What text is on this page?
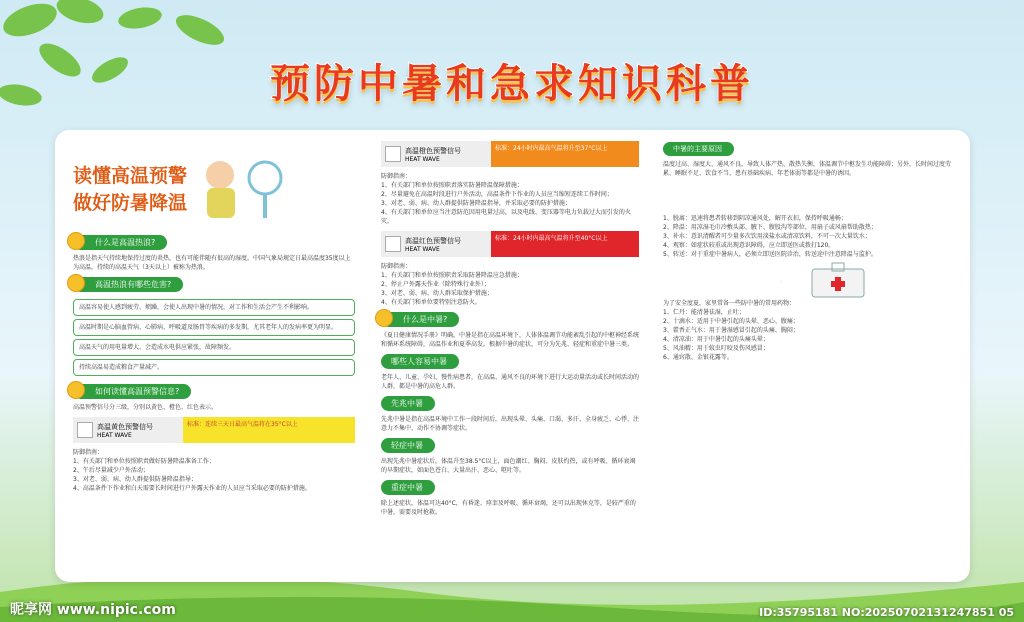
预防中暑和急求知识科普
读懂高温预警
做好防暑降温
什么是高温热浪?
热浪是指天气持续地保持过度的炎热，也有可能伴随有很高的湿度。中国气象局规定日最高温度35度以上为高温，持续的高温天气（3天以上）被称为热浪。
高温热浪有哪些危害?
高温容易使人感到疲劳、烦躁，会使人出现中暑的情况，对工作和生活会产生不利影响。
高温时期是心脑血管病、心肺病、呼吸道及肠胃等疾病的多发期，尤其老年人的发病率更为明显。
高温天气的用电量增大。会造成水电供应紧张，故障频发。
持续高温易造成粮食产量减产。
如何读懂高温预警信息?
高温预警信号分三级，分别以黄色、橙色、红色表示。
高温黄色预警信号
HEAT WAVE
标准：连续三天日最高气温将在35°C以上
防御指南：
1、有关部门和单位按照职责做好防暑降温准备工作；
2、午后尽量减少户外活动；
3、对老、弱、病、幼人群提供防暑降温指导；
4、高温条件下作业和白天需要长时间进行户外露天作业的人员应当采取必要的防护措施。
高温橙色预警信号
HEAT WAVE
标准：24小时内最高气温将升至37°C以上
防御指南：
1、有关部门和单位按照职责落实防暑降温保障措施；
2、尽量避免在高温时段进行户外活动，高温条件下作业的人员应当缩短连续工作时间；
3、对老、弱、病、幼人群提供防暑降温指导，并采取必要的防护措施；
4、有关部门和单位应当注意防范因用电量过高，以及电线、变压器等电力负载过大而引发的火灾。
高温红色预警信号
HEAT WAVE
标准：24小时内最高气温将升至40°C以上
防御指南：
1、有关部门和单位按照职责采取防暑降温应急措施；
2、停止户外露天作业（除特殊行业外）；
3、对老、弱、病、幼人群采取保护措施；
4、有关部门和单位要特别注意防火。
什么是中暑?
《夏日健康情况手册》明确，中暑是指在高温环境下，人体体温调节功能紊乱引起的中枢神经系统和循环系统障碍，高温作业和夏季高发。根据中暑的症状，可分为先兆、轻症和重症中暑三类。
哪些人容易中暑
老年人、儿童、孕妇、慢性病患者，在高温、通风不良的环境下进行大运动量活动或长时间活动的人群，都是中暑的高危人群。
先兆中暑
先兆中暑是指在高温环境中工作一段时间后，出现头晕、头痛、口渴、多汗、全身疲乏、心悸、注意力不集中、动作不协调等症状。
轻症中暑
出现先兆中暑症状后，体温升至38.5°C以上，面色潮红、胸闷、皮肤灼热，或有呼吸、循环衰竭的早期症状，如面色苍白、大量出汗、恶心、呕吐等。
重症中暑
除上述症状，体温可达40°C，有昏迷、痉挛及呼吸、循环衰竭，还可以出现休克等，是较严重的中暑，需要及时抢救。
中暑的主要原因
温度过高、湿度大、通风不良，导致人体产热、散热失衡，体温调节中枢发生功能障碍；另外，长时间过度劳累、睡眠不足、饮食不当、患有基础疾病、年老体弱等都是中暑的诱因。
中暑的现场急救措施
1、脱离：迅速将患者转移到阴凉通风处，解开衣扣，保持呼吸通畅；
2、降温：用凉湿毛巾冷敷头部、腋下、腹股沟等部位，用扇子或风扇帮助散热；
3、补水：意识清醒者可少量多次饮用淡盐水或清凉饮料，不可一次大量饮水；
4、观察：如症状较重或出现意识障碍，应立即送医或拨打120。
5、转送：对于重症中暑病人，必须立即送医院诊治，转送途中注意降温与监护。
防治中暑小药箱
为了安全度夏，家里常备一些防中暑的常用药物：
1、仁丹：能清暑祛湿，止吐；
2、十滴水：适用于中暑引起的头晕、恶心、腹痛；
3、藿香正气水：用于暑湿感冒引起的头痛、胸闷；
4、清凉油：用于中暑引起的头痛头晕；
5、风油精：用于蚊虫叮咬及伤风感冒；
6、通窍散、金银花露等。
昵享网 www.nipic.com	ID:35795181 NO:20250702131247851 05
